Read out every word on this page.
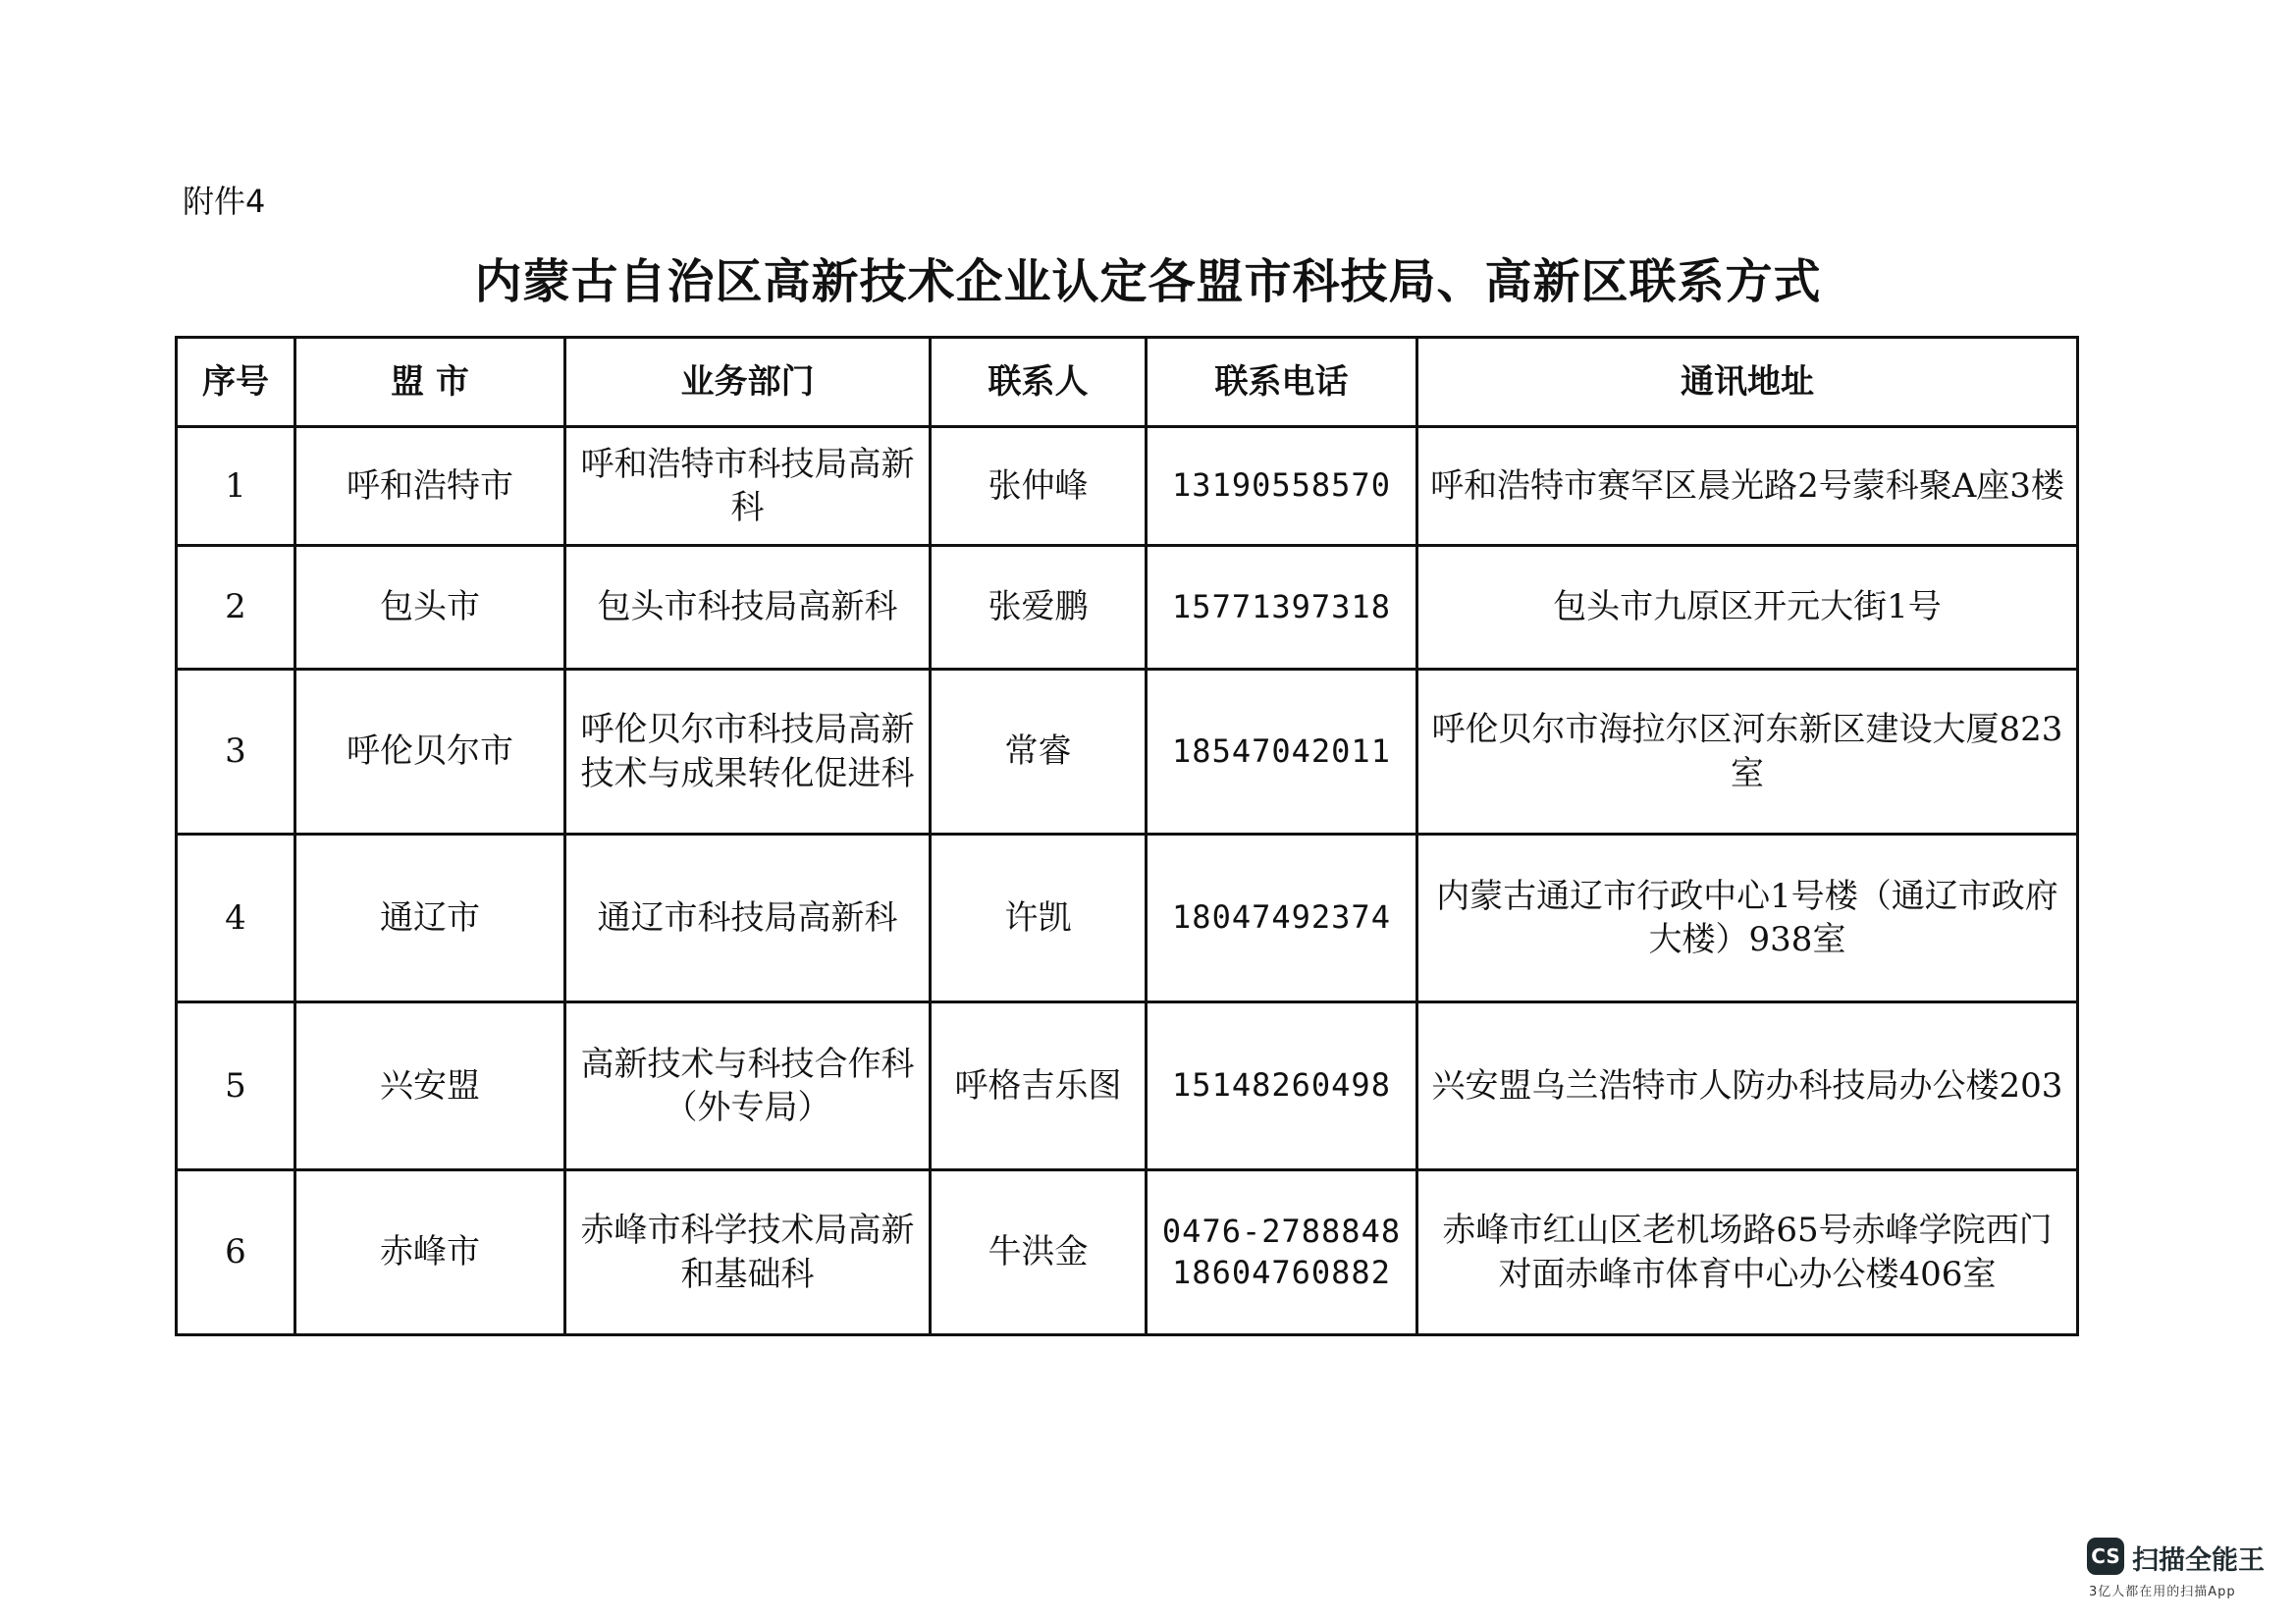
附件4
内蒙古自治区高新技术企业认定各盟市科技局、高新区联系方式
序号	盟 市	业务部门	联系人	联系电话	通讯地址
1	呼和浩特市	呼和浩特市科技局高新科	张仲峰	13190558570	呼和浩特市赛罕区晨光路2号蒙科聚A座3楼
2	包头市	包头市科技局高新科	张爱鹏	15771397318	包头市九原区开元大街1号
3	呼伦贝尔市	呼伦贝尔市科技局高新技术与成果转化促进科	常睿	18547042011	呼伦贝尔市海拉尔区河东新区建设大厦823室
4	通辽市	通辽市科技局高新科	许凯	18047492374	内蒙古通辽市行政中心1号楼（通辽市政府大楼）938室
5	兴安盟	高新技术与科技合作科（外专局）	呼格吉乐图	15148260498	兴安盟乌兰浩特市人防办科技局办公楼203
6	赤峰市	赤峰市科学技术局高新和基础科	牛洪金	0476-2788848 18604760882	赤峰市红山区老机场路65号赤峰学院西门对面赤峰市体育中心办公楼406室
CS 扫描全能王
3亿人都在用的扫描App
